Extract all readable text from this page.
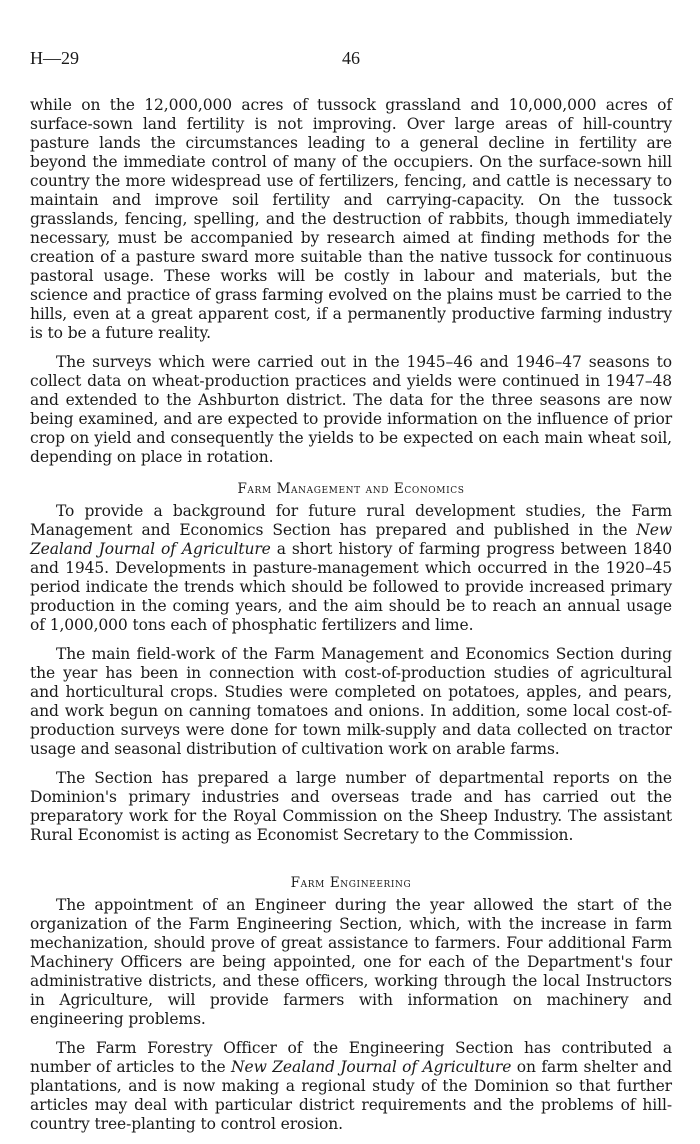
H—29	46

while on the 12,000,000 acres of tussock grassland and 10,000,000 acres of surface-sown land fertility is not improving. Over large areas of hill-country pasture lands the circumstances leading to a general decline in fertility are beyond the immediate control of many of the occupiers. On the surface-sown hill country the more widespread use of fertilizers, fencing, and cattle is necessary to maintain and improve soil fertility and carrying-capacity. On the tussock grasslands, fencing, spelling, and the destruction of rabbits, though immediately necessary, must be accompanied by research aimed at finding methods for the creation of a pasture sward more suitable than the native tussock for continuous pastoral usage. These works will be costly in labour and materials, but the science and practice of grass farming evolved on the plains must be carried to the hills, even at a great apparent cost, if a permanently productive farming industry is to be a future reality.

The surveys which were carried out in the 1945–46 and 1946–47 seasons to collect data on wheat-production practices and yields were continued in 1947–48 and extended to the Ashburton district. The data for the three seasons are now being examined, and are expected to provide information on the influence of prior crop on yield and consequently the yields to be expected on each main wheat soil, depending on place in rotation.

Farm Management and Economics

To provide a background for future rural development studies, the Farm Management and Economics Section has prepared and published in the New Zealand Journal of Agriculture a short history of farming progress between 1840 and 1945. Developments in pasture-management which occurred in the 1920–45 period indicate the trends which should be followed to provide increased primary production in the coming years, and the aim should be to reach an annual usage of 1,000,000 tons each of phosphatic fertilizers and lime.

The main field-work of the Farm Management and Economics Section during the year has been in connection with cost-of-production studies of agricultural and horticultural crops. Studies were completed on potatoes, apples, and pears, and work begun on canning tomatoes and onions. In addition, some local cost-of-production surveys were done for town milk-supply and data collected on tractor usage and seasonal distribution of cultivation work on arable farms.

The Section has prepared a large number of departmental reports on the Dominion's primary industries and overseas trade and has carried out the preparatory work for the Royal Commission on the Sheep Industry. The assistant Rural Economist is acting as Economist Secretary to the Commission.

Farm Engineering

The appointment of an Engineer during the year allowed the start of the organization of the Farm Engineering Section, which, with the increase in farm mechanization, should prove of great assistance to farmers. Four additional Farm Machinery Officers are being appointed, one for each of the Department's four administrative districts, and these officers, working through the local Instructors in Agriculture, will provide farmers with information on machinery and engineering problems.

The Farm Forestry Officer of the Engineering Section has contributed a number of articles to the New Zealand Journal of Agriculture on farm shelter and plantations, and is now making a regional study of the Dominion so that further articles may deal with particular district requirements and the problems of hill-country tree-planting to control erosion.
